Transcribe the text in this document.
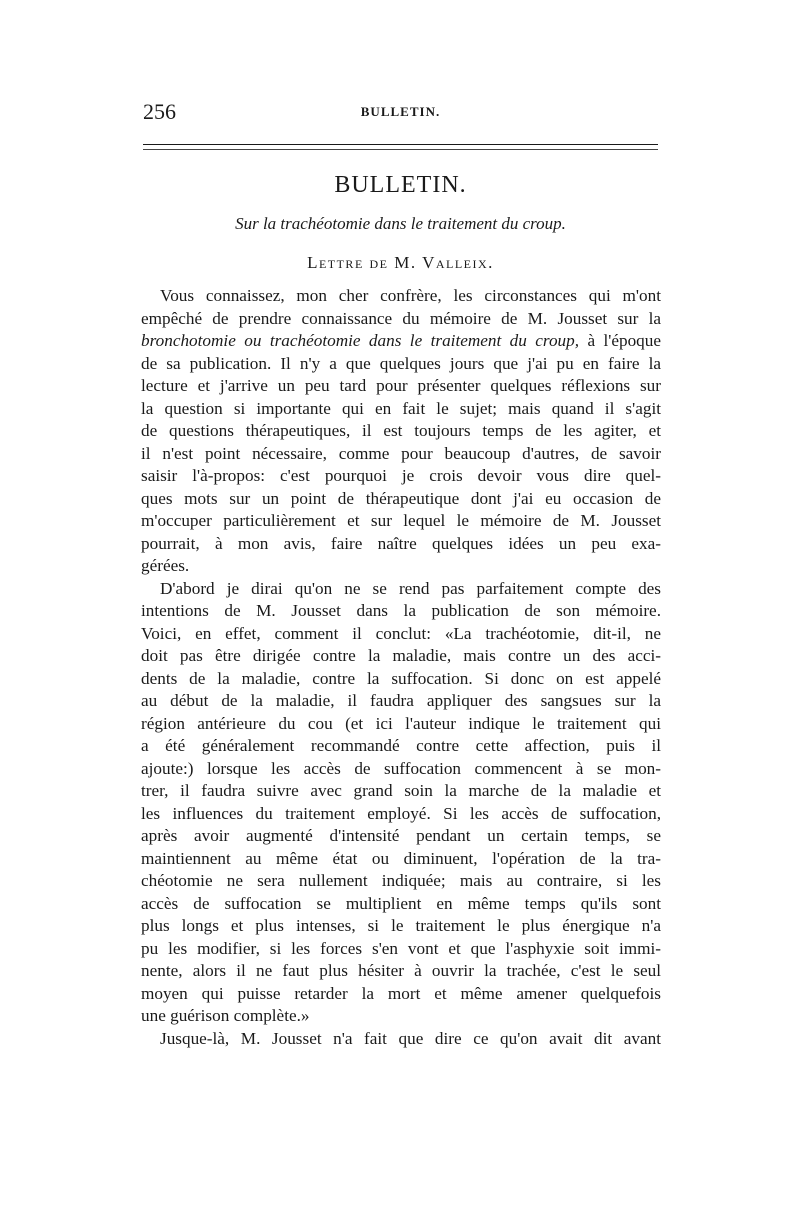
256	BULLETIN.
BULLETIN.
Sur la trachéotomie dans le traitement du croup.
Lettre de M. Valleix.
Vous connaissez, mon cher confrère, les circonstances qui m'ont
empêché de prendre connaissance du mémoire de M. Jousset sur la
bronchotomie ou trachéotomie dans le traitement du croup, à l'époque
de sa publication. Il n'y a que quelques jours que j'ai pu en faire la
lecture et j'arrive un peu tard pour présenter quelques réflexions sur
la question si importante qui en fait le sujet; mais quand il s'agit
de questions thérapeutiques, il est toujours temps de les agiter, et
il n'est point nécessaire, comme pour beaucoup d'autres, de savoir
saisir l'à-propos: c'est pourquoi je crois devoir vous dire quel-
ques mots sur un point de thérapeutique dont j'ai eu occasion de
m'occuper particulièrement et sur lequel le mémoire de M. Jousset
pourrait, à mon avis, faire naître quelques idées un peu exa-
gérées.
D'abord je dirai qu'on ne se rend pas parfaitement compte des
intentions de M. Jousset dans la publication de son mémoire.
Voici, en effet, comment il conclut: «La trachéotomie, dit-il, ne
doit pas être dirigée contre la maladie, mais contre un des acci-
dents de la maladie, contre la suffocation. Si donc on est appelé
au début de la maladie, il faudra appliquer des sangsues sur la
région antérieure du cou (et ici l'auteur indique le traitement qui
a été généralement recommandé contre cette affection, puis il
ajoute:) lorsque les accès de suffocation commencent à se mon-
trer, il faudra suivre avec grand soin la marche de la maladie et
les influences du traitement employé. Si les accès de suffocation,
après avoir augmenté d'intensité pendant un certain temps, se
maintiennent au même état ou diminuent, l'opération de la tra-
chéotomie ne sera nullement indiquée; mais au contraire, si les
accès de suffocation se multiplient en même temps qu'ils sont
plus longs et plus intenses, si le traitement le plus énergique n'a
pu les modifier, si les forces s'en vont et que l'asphyxie soit immi-
nente, alors il ne faut plus hésiter à ouvrir la trachée, c'est le seul
moyen qui puisse retarder la mort et même amener quelquefois
une guérison complète.»
Jusque-là, M. Jousset n'a fait que dire ce qu'on avait dit avant
